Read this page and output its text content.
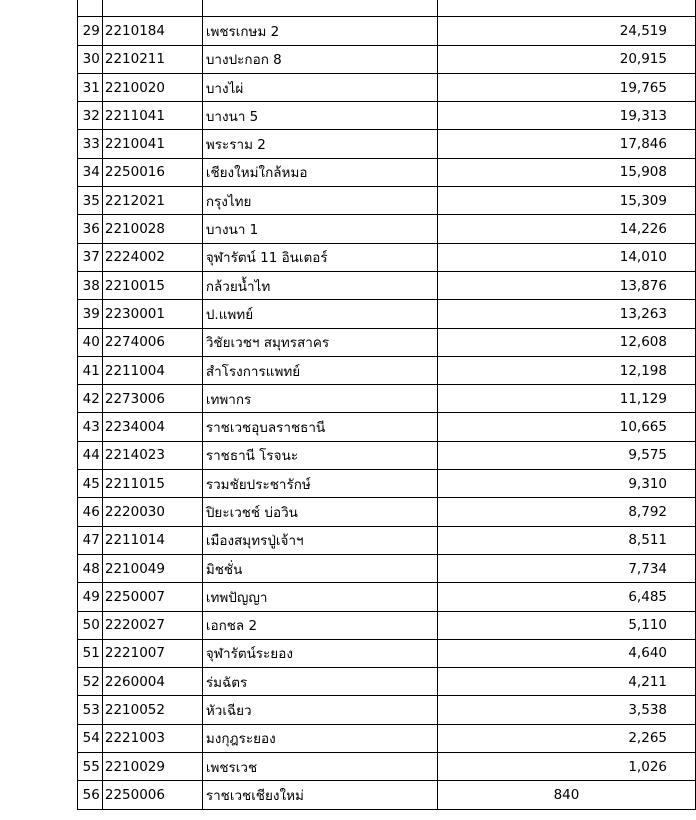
29	2210184	เพชรเกษม 2	24,519
30	2210211	บางปะกอก 8	20,915
31	2210020	บางไผ่	19,765
32	2211041	บางนา 5	19,313
33	2210041	พระราม 2	17,846
34	2250016	เชียงใหม่ใกล้หมอ	15,908
35	2212021	กรุงไทย	15,309
36	2210028	บางนา 1	14,226
37	2224002	จุฬารัตน์ 11 อินเตอร์	14,010
38	2210015	กล้วยน้ำไท	13,876
39	2230001	ป.แพทย์	13,263
40	2274006	วิชัยเวชฯ สมุทรสาคร	12,608
41	2211004	สำโรงการแพทย์	12,198
42	2273006	เทพากร	11,129
43	2234004	ราชเวชอุบลราชธานี	10,665
44	2214023	ราชธานี โรจนะ	9,575
45	2211015	รวมชัยประชารักษ์	9,310
46	2220030	ปิยะเวชช์ บ่อวิน	8,792
47	2211014	เมืองสมุทรปู่เจ้าฯ	8,511
48	2210049	มิชชั่น	7,734
49	2250007	เทพปัญญา	6,485
50	2220027	เอกชล 2	5,110
51	2221007	จุฬารัตน์ระยอง	4,640
52	2260004	ร่มฉัตร	4,211
53	2210052	หัวเฉียว	3,538
54	2221003	มงกุฎระยอง	2,265
55	2210029	เพชรเวช	1,026
56	2250006	ราชเวชเชียงใหม่	840
